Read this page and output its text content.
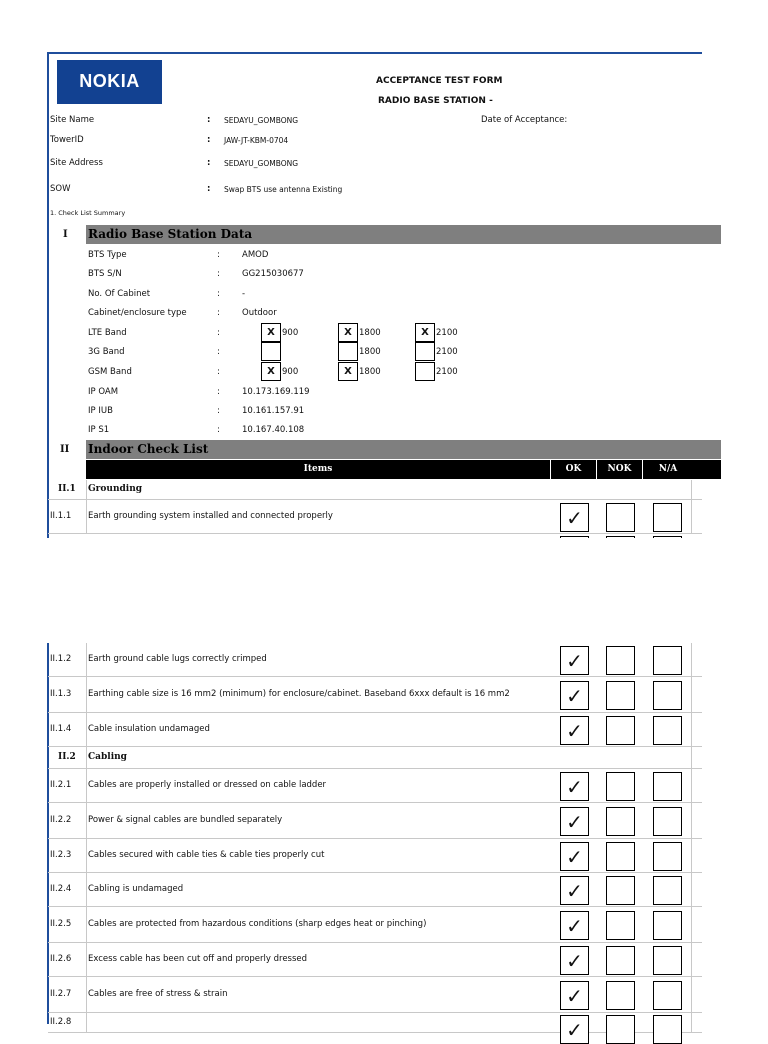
NOKIA	ACCEPTANCE TEST FORM
RADIO BASE STATION -
Date of Acceptance:
Site Name	: SEDAYU_GOMBONG
TowerID	: JAW-JT-KBM-0704
Site Address	: SEDAYU_GOMBONG
SOW	: Swap BTS use antenna Existing
1. Check List Summary
I Radio Base Station Data
BTS Type	:	AMOD
BTS S/N	:	GG215030677
No. Of Cabinet	:	-
Cabinet/enclosure type	:	Outdoor
LTE Band	:	X 900	X 1800	X 2100
3G Band	:	1800	2100
GSM Band	:	X 900	X 1800	2100
IP OAM	:	10.173.169.119
IP IUB	:	10.161.157.91
IP S1	:	10.167.40.108
II Indoor Check List
Items	OK	NOK	N/A
II.1 Grounding
II.1.1 Earth grounding system installed and connected properly	✓
II.1.2 Earth ground cable lugs correctly crimped	✓
II.1.3 Earthing cable size is 16 mm2 (minimum) for enclosure/cabinet. Baseband 6xxx default is 16 mm2	✓
II.1.4 Cable insulation undamaged	✓
II.2 Cabling
II.2.1 Cables are properly installed or dressed on cable ladder	✓
II.2.2 Power & signal cables are bundled separately	✓
II.2.3 Cables secured with cable ties & cable ties properly cut	✓
II.2.4 Cabling is undamaged	✓
II.2.5 Cables are protected from hazardous conditions (sharp edges heat or pinching)	✓
II.2.6 Excess cable has been cut off and properly dressed	✓
II.2.7 Cables are free of stress & strain	✓
II.2.8	✓
